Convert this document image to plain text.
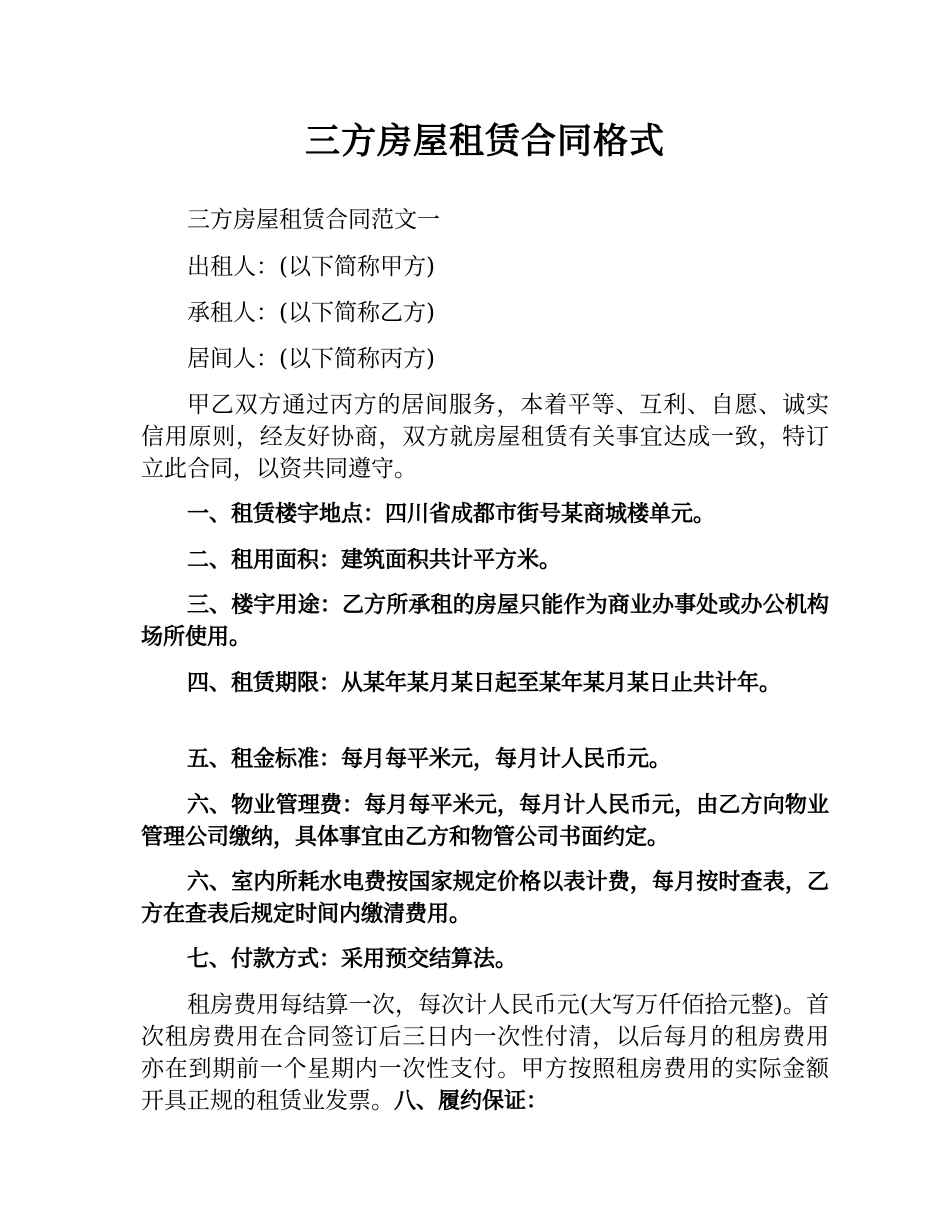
三方房屋租赁合同格式

三方房屋租赁合同范文一

出租人：(以下简称甲方)

承租人：(以下简称乙方)

居间人：(以下简称丙方)

甲乙双方通过丙方的居间服务，本着平等、互利、自愿、诚实信用原则，经友好协商，双方就房屋租赁有关事宜达成一致，特订立此合同，以资共同遵守。

一、租赁楼宇地点：四川省成都市街号某商城楼单元。

二、租用面积：建筑面积共计平方米。

三、楼宇用途：乙方所承租的房屋只能作为商业办事处或办公机构场所使用。

四、租赁期限：从某年某月某日起至某年某月某日止共计年。

五、租金标准：每月每平米元，每月计人民币元。

六、物业管理费：每月每平米元，每月计人民币元，由乙方向物业管理公司缴纳，具体事宜由乙方和物管公司书面约定。

六、室内所耗水电费按国家规定价格以表计费，每月按时查表，乙方在查表后规定时间内缴清费用。

七、付款方式：采用预交结算法。

租房费用每结算一次，每次计人民币元(大写万仟佰拾元整)。首次租房费用在合同签订后三日内一次性付清，以后每月的租房费用亦在到期前一个星期内一次性支付。甲方按照租房费用的实际金额开具正规的租赁业发票。八、履约保证：
